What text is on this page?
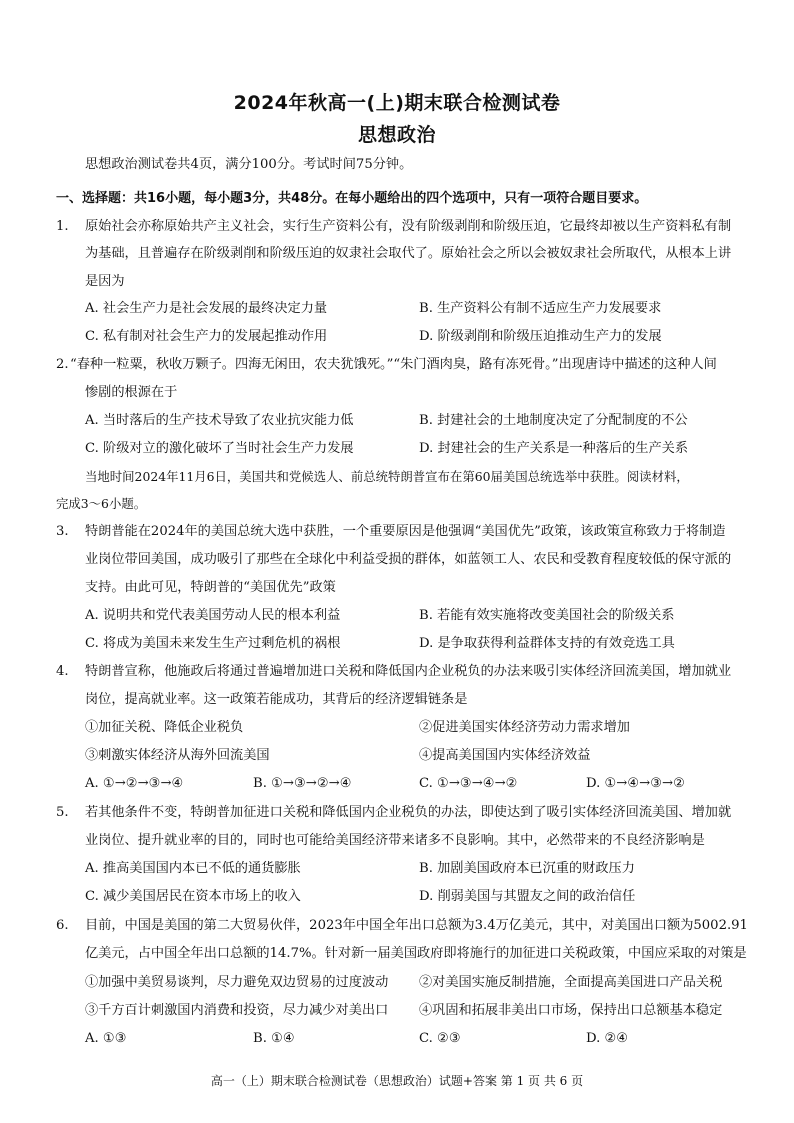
2024年秋高一(上)期末联合检测试卷
思想政治
思想政治测试卷共4页，满分100分。考试时间75分钟。
一、选择题：共16小题，每小题3分，共48分。在每小题给出的四个选项中，只有一项符合题目要求。
1. 原始社会亦称原始共产主义社会，实行生产资料公有，没有阶级剥削和阶级压迫，它最终却被以生产资料私有制
为基础，且普遍存在阶级剥削和阶级压迫的奴隶社会取代了。原始社会之所以会被奴隶社会所取代，从根本上讲
是因为
A. 社会生产力是社会发展的最终决定力量	B. 生产资料公有制不适应生产力发展要求
C. 私有制对社会生产力的发展起推动作用	D. 阶级剥削和阶级压迫推动生产力的发展
2. “春种一粒粟，秋收万颗子。四海无闲田，农夫犹饿死。”“朱门酒肉臭，路有冻死骨。”出现唐诗中描述的这种人间
惨剧的根源在于
A. 当时落后的生产技术导致了农业抗灾能力低	B. 封建社会的土地制度决定了分配制度的不公
C. 阶级对立的激化破坏了当时社会生产力发展	D. 封建社会的生产关系是一种落后的生产关系
当地时间2024年11月6日，美国共和党候选人、前总统特朗普宣布在第60届美国总统选举中获胜。阅读材料，
完成3～6小题。
3. 特朗普能在2024年的美国总统大选中获胜，一个重要原因是他强调“美国优先”政策，该政策宣称致力于将制造
业岗位带回美国，成功吸引了那些在全球化中利益受损的群体，如蓝领工人、农民和受教育程度较低的保守派的
支持。由此可见，特朗普的“美国优先”政策
A. 说明共和党代表美国劳动人民的根本利益	B. 若能有效实施将改变美国社会的阶级关系
C. 将成为美国未来发生生产过剩危机的祸根	D. 是争取获得利益群体支持的有效竞选工具
4. 特朗普宣称，他施政后将通过普遍增加进口关税和降低国内企业税负的办法来吸引实体经济回流美国，增加就业
岗位，提高就业率。这一政策若能成功，其背后的经济逻辑链条是
①加征关税、降低企业税负	②促进美国实体经济劳动力需求增加
③刺激实体经济从海外回流美国	④提高美国国内实体经济效益
A. ①→②→③→④	B. ①→③→②→④	C. ①→③→④→②	D. ①→④→③→②
5. 若其他条件不变，特朗普加征进口关税和降低国内企业税负的办法，即使达到了吸引实体经济回流美国、增加就
业岗位、提升就业率的目的，同时也可能给美国经济带来诸多不良影响。其中，必然带来的不良经济影响是
A. 推高美国国内本已不低的通货膨胀	B. 加剧美国政府本已沉重的财政压力
C. 减少美国居民在资本市场上的收入	D. 削弱美国与其盟友之间的政治信任
6. 目前，中国是美国的第二大贸易伙伴，2023年中国全年出口总额为3.4万亿美元，其中，对美国出口额为5002.91
亿美元，占中国全年出口总额的14.7%。针对新一届美国政府即将施行的加征进口关税政策，中国应采取的对策是
①加强中美贸易谈判，尽力避免双边贸易的过度波动 ②对美国实施反制措施，全面提高美国进口产品关税
③千方百计刺激国内消费和投资，尽力减少对美出口 ④巩固和拓展非美出口市场，保持出口总额基本稳定
A. ①③	B. ①④	C. ②③	D. ②④
高一（上）期末联合检测试卷（思想政治）试题+答案 第 1 页 共 6 页
